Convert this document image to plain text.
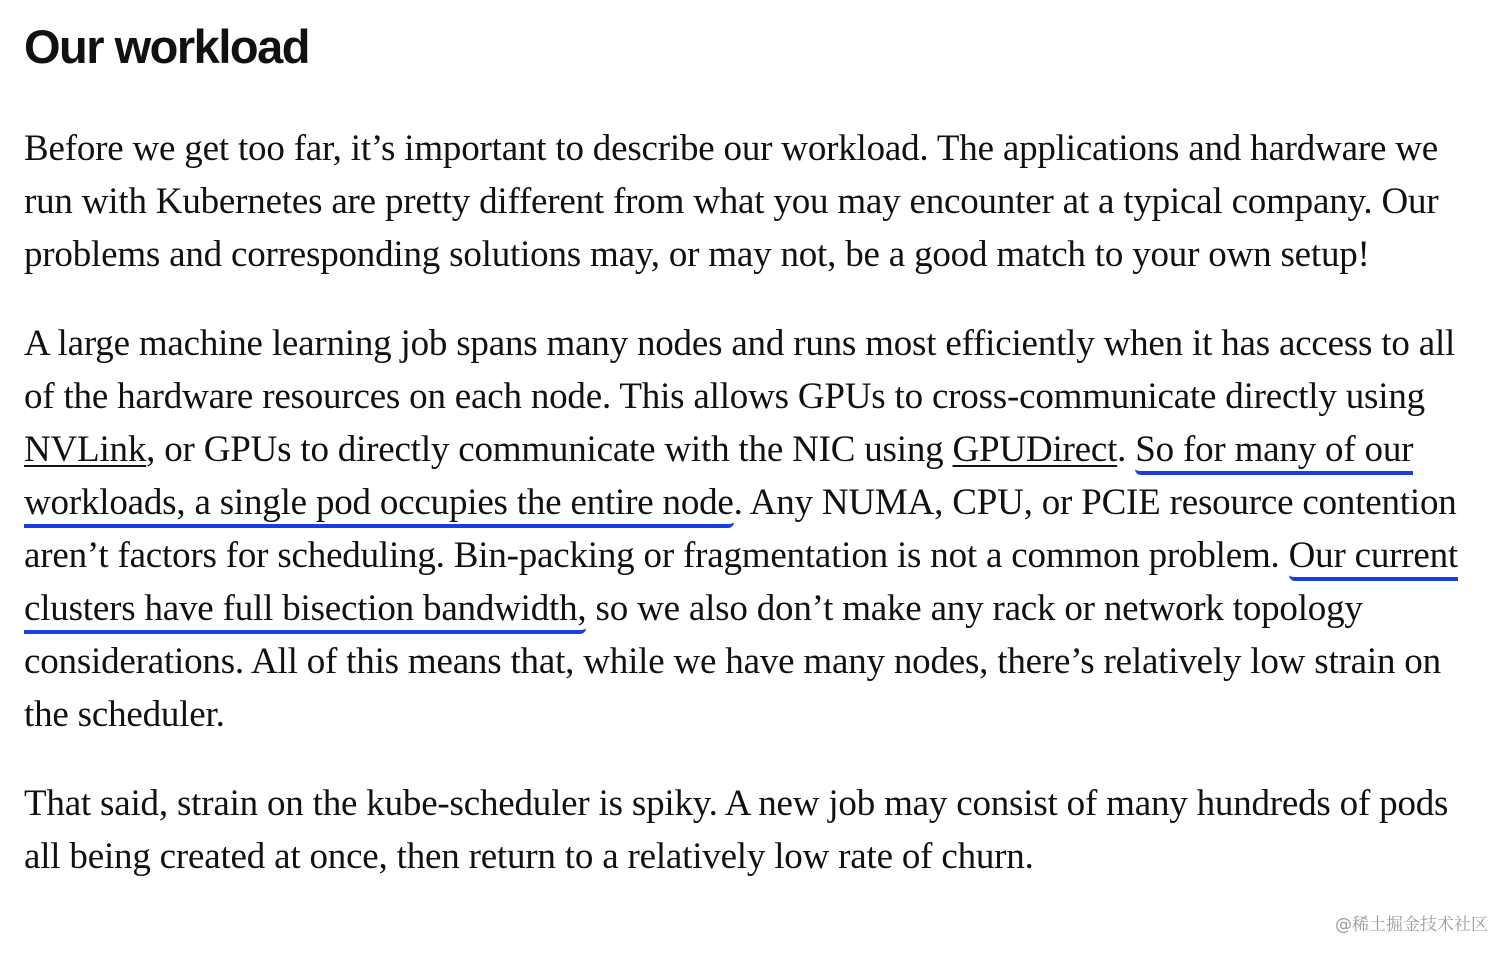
Our workload

Before we get too far, it’s important to describe our workload. The applications and hardware we run with Kubernetes are pretty different from what you may encounter at a typical company. Our problems and corresponding solutions may, or may not, be a good match to your own setup!

A large machine learning job spans many nodes and runs most efficiently when it has access to all of the hardware resources on each node. This allows GPUs to cross-communicate directly using NVLink, or GPUs to directly communicate with the NIC using GPUDirect. So for many of our workloads, a single pod occupies the entire node. Any NUMA, CPU, or PCIE resource contention aren’t factors for scheduling. Bin-packing or fragmentation is not a common problem. Our current clusters have full bisection bandwidth, so we also don’t make any rack or network topology considerations. All of this means that, while we have many nodes, there’s relatively low strain on the scheduler.

That said, strain on the kube-scheduler is spiky. A new job may consist of many hundreds of pods all being created at once, then return to a relatively low rate of churn.

@稀土掘金技术社区
